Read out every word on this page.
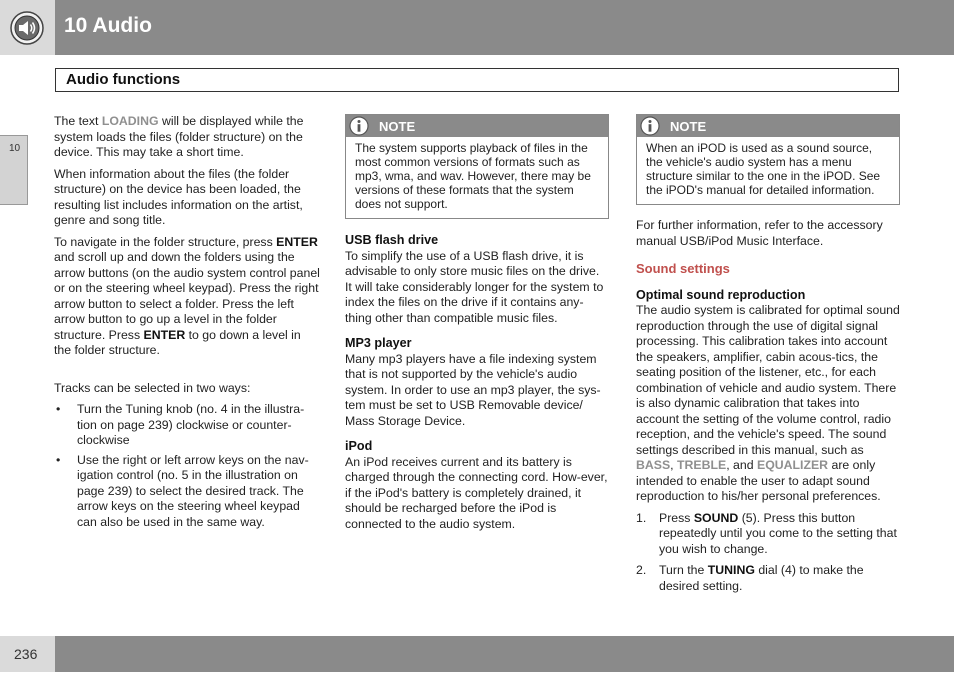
10 Audio
Audio functions
10

The text LOADING will be displayed while the system loads the files (folder structure) on the device. This may take a short time.

When information about the files (the folder structure) on the device has been loaded, the resulting list includes information on the artist, genre and song title.

To navigate in the folder structure, press ENTER and scroll up and down the folders using the arrow buttons (on the audio system control panel or on the steering wheel keypad). Press the right arrow button to select a folder. Press the left arrow button to go up a level in the folder structure. Press ENTER to go down a level in the folder structure.

Tracks can be selected in two ways:

• Turn the Tuning knob (no. 4 in the illustra-tion on page 239) clockwise or counter-clockwise
• Use the right or left arrow keys on the nav-igation control (no. 5 in the illustration on page 239) to select the desired track. The arrow keys on the steering wheel keypad can also be used in the same way.
NOTE
The system supports playback of files in the most common versions of formats such as mp3, wma, and wav. However, there may be versions of these formats that the system does not support.
USB flash drive
To simplify the use of a USB flash drive, it is advisable to only store music files on the drive. It will take considerably longer for the system to index the files on the drive if it contains any-thing other than compatible music files.
MP3 player
Many mp3 players have a file indexing system that is not supported by the vehicle's audio system. In order to use an mp3 player, the sys-tem must be set to USB Removable device/ Mass Storage Device.
iPod
An iPod receives current and its battery is charged through the connecting cord. How-ever, if the iPod's battery is completely drained, it should be recharged before the iPod is connected to the audio system.
NOTE
When an iPOD is used as a sound source, the vehicle's audio system has a menu structure similar to the one in the iPOD. See the iPOD's manual for detailed information.

For further information, refer to the accessory manual USB/iPod Music Interface.

Sound settings
Optimal sound reproduction
The audio system is calibrated for optimal sound reproduction through the use of digital signal processing. This calibration takes into account the speakers, amplifier, cabin acous-tics, the seating position of the listener, etc., for each combination of vehicle and audio system. There is also dynamic calibration that takes into account the setting of the volume control, radio reception, and the vehicle's speed. The sound settings described in this manual, such as BASS, TREBLE, and EQUALIZER are only intended to enable the user to adapt sound reproduction to his/her personal preferences.
1. Press SOUND (5). Press this button repeatedly until you come to the setting that you wish to change.
2. Turn the TUNING dial (4) to make the desired setting.
236
